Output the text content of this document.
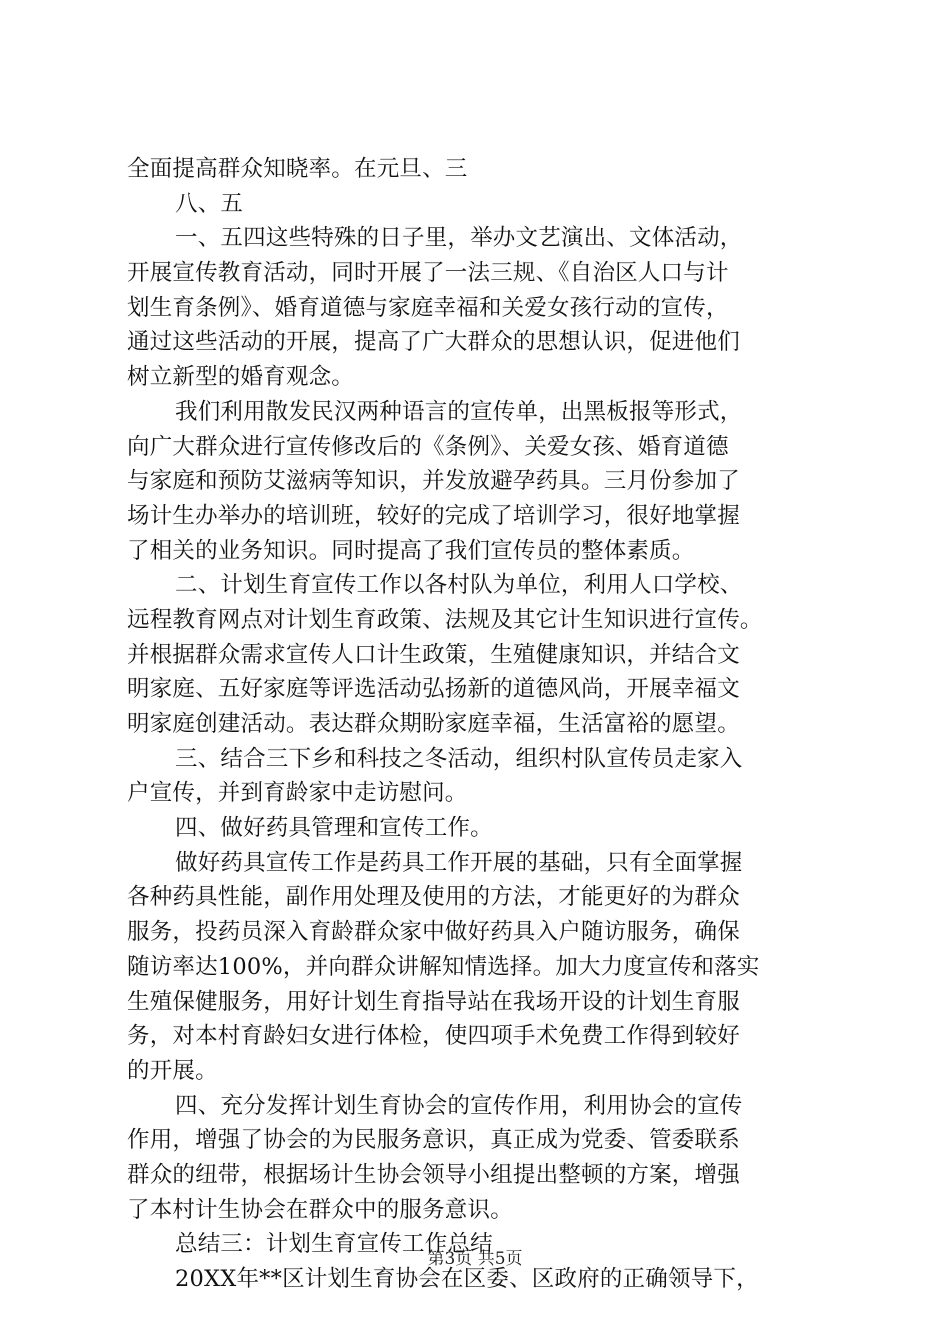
全面提高群众知晓率。在元旦、三
八、五
一、五四这些特殊的日子里，举办文艺演出、文体活动，
开展宣传教育活动，同时开展了一法三规、《自治区人口与计
划生育条例》、婚育道德与家庭幸福和关爱女孩行动的宣传，
通过这些活动的开展，提高了广大群众的思想认识，促进他们
树立新型的婚育观念。
我们利用散发民汉两种语言的宣传单，出黑板报等形式，
向广大群众进行宣传修改后的《条例》、关爱女孩、婚育道德
与家庭和预防艾滋病等知识，并发放避孕药具。三月份参加了
场计生办举办的培训班，较好的完成了培训学习，很好地掌握
了相关的业务知识。同时提高了我们宣传员的整体素质。
二、计划生育宣传工作以各村队为单位，利用人口学校、
远程教育网点对计划生育政策、法规及其它计生知识进行宣传。
并根据群众需求宣传人口计生政策，生殖健康知识，并结合文
明家庭、五好家庭等评选活动弘扬新的道德风尚，开展幸福文
明家庭创建活动。表达群众期盼家庭幸福，生活富裕的愿望。
三、结合三下乡和科技之冬活动，组织村队宣传员走家入
户宣传，并到育龄家中走访慰问。
四、做好药具管理和宣传工作。
做好药具宣传工作是药具工作开展的基础，只有全面掌握
各种药具性能，副作用处理及使用的方法，才能更好的为群众
服务，投药员深入育龄群众家中做好药具入户随访服务，确保
随访率达100%，并向群众讲解知情选择。加大力度宣传和落实
生殖保健服务，用好计划生育指导站在我场开设的计划生育服
务，对本村育龄妇女进行体检，使四项手术免费工作得到较好
的开展。
四、充分发挥计划生育协会的宣传作用，利用协会的宣传
作用，增强了协会的为民服务意识，真正成为党委、管委联系
群众的纽带，根据场计生协会领导小组提出整顿的方案，增强
了本村计生协会在群众中的服务意识。
总结三：计划生育宣传工作总结
20XX年**区计划生育协会在区委、区政府的正确领导下，
第3页 共5页
